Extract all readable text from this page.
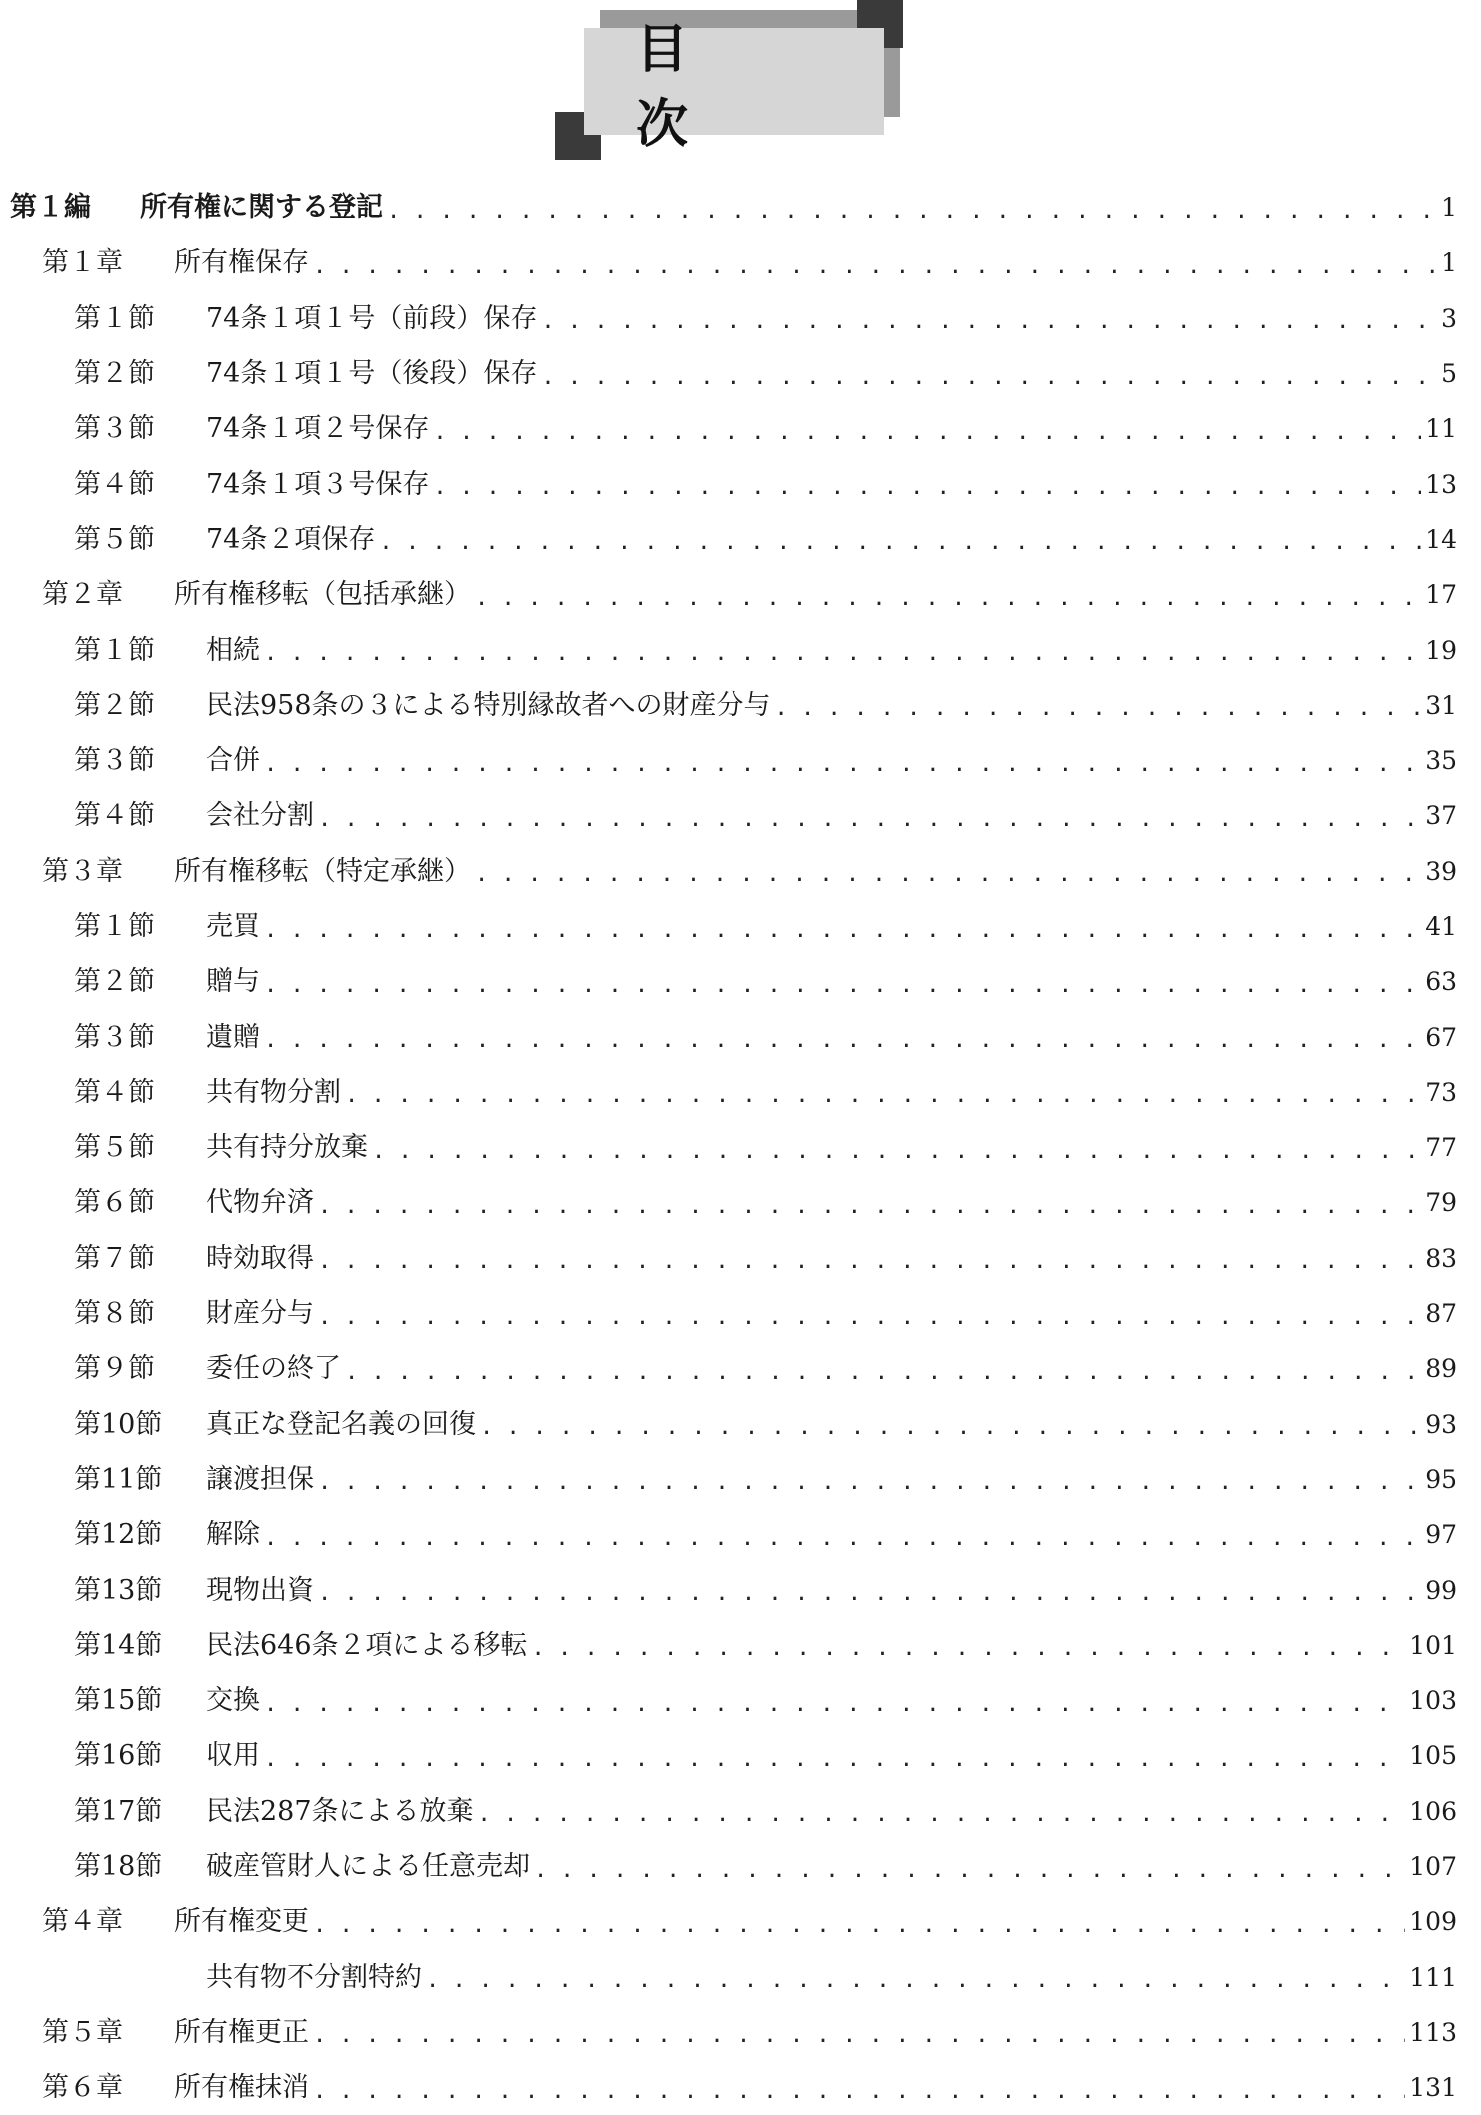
目　次
第１編	所有権に関する登記 . . .	1
第１章	所有権保存 . . .	1
第１節	74条１項１号（前段）保存 . . .	3
第２節	74条１項１号（後段）保存 . . .	5
第３節	74条１項２号保存 . . .	11
第４節	74条１項３号保存 . . .	13
第５節	74条２項保存 . . .	14
第２章	所有権移転（包括承継） . . .	17
第１節	相続 . . .	19
第２節	民法958条の３による特別縁故者への財産分与 . . .	31
第３節	合併 . . .	35
第４節	会社分割 . . .	37
第３章	所有権移転（特定承継） . . .	39
第１節	売買 . . .	41
第２節	贈与 . . .	63
第３節	遺贈 . . .	67
第４節	共有物分割 . . .	73
第５節	共有持分放棄 . . .	77
第６節	代物弁済 . . .	79
第７節	時効取得 . . .	83
第８節	財産分与 . . .	87
第９節	委任の終了 . . .	89
第10節	真正な登記名義の回復 . . .	93
第11節	譲渡担保 . . .	95
第12節	解除 . . .	97
第13節	現物出資 . . .	99
第14節	民法646条２項による移転 . . .	101
第15節	交換 . . .	103
第16節	収用 . . .	105
第17節	民法287条による放棄 . . .	106
第18節	破産管財人による任意売却 . . .	107
第４章	所有権変更 . . .	109
共有物不分割特約 . . .	111
第５章	所有権更正 . . .	113
第６章	所有権抹消 . . .	131
